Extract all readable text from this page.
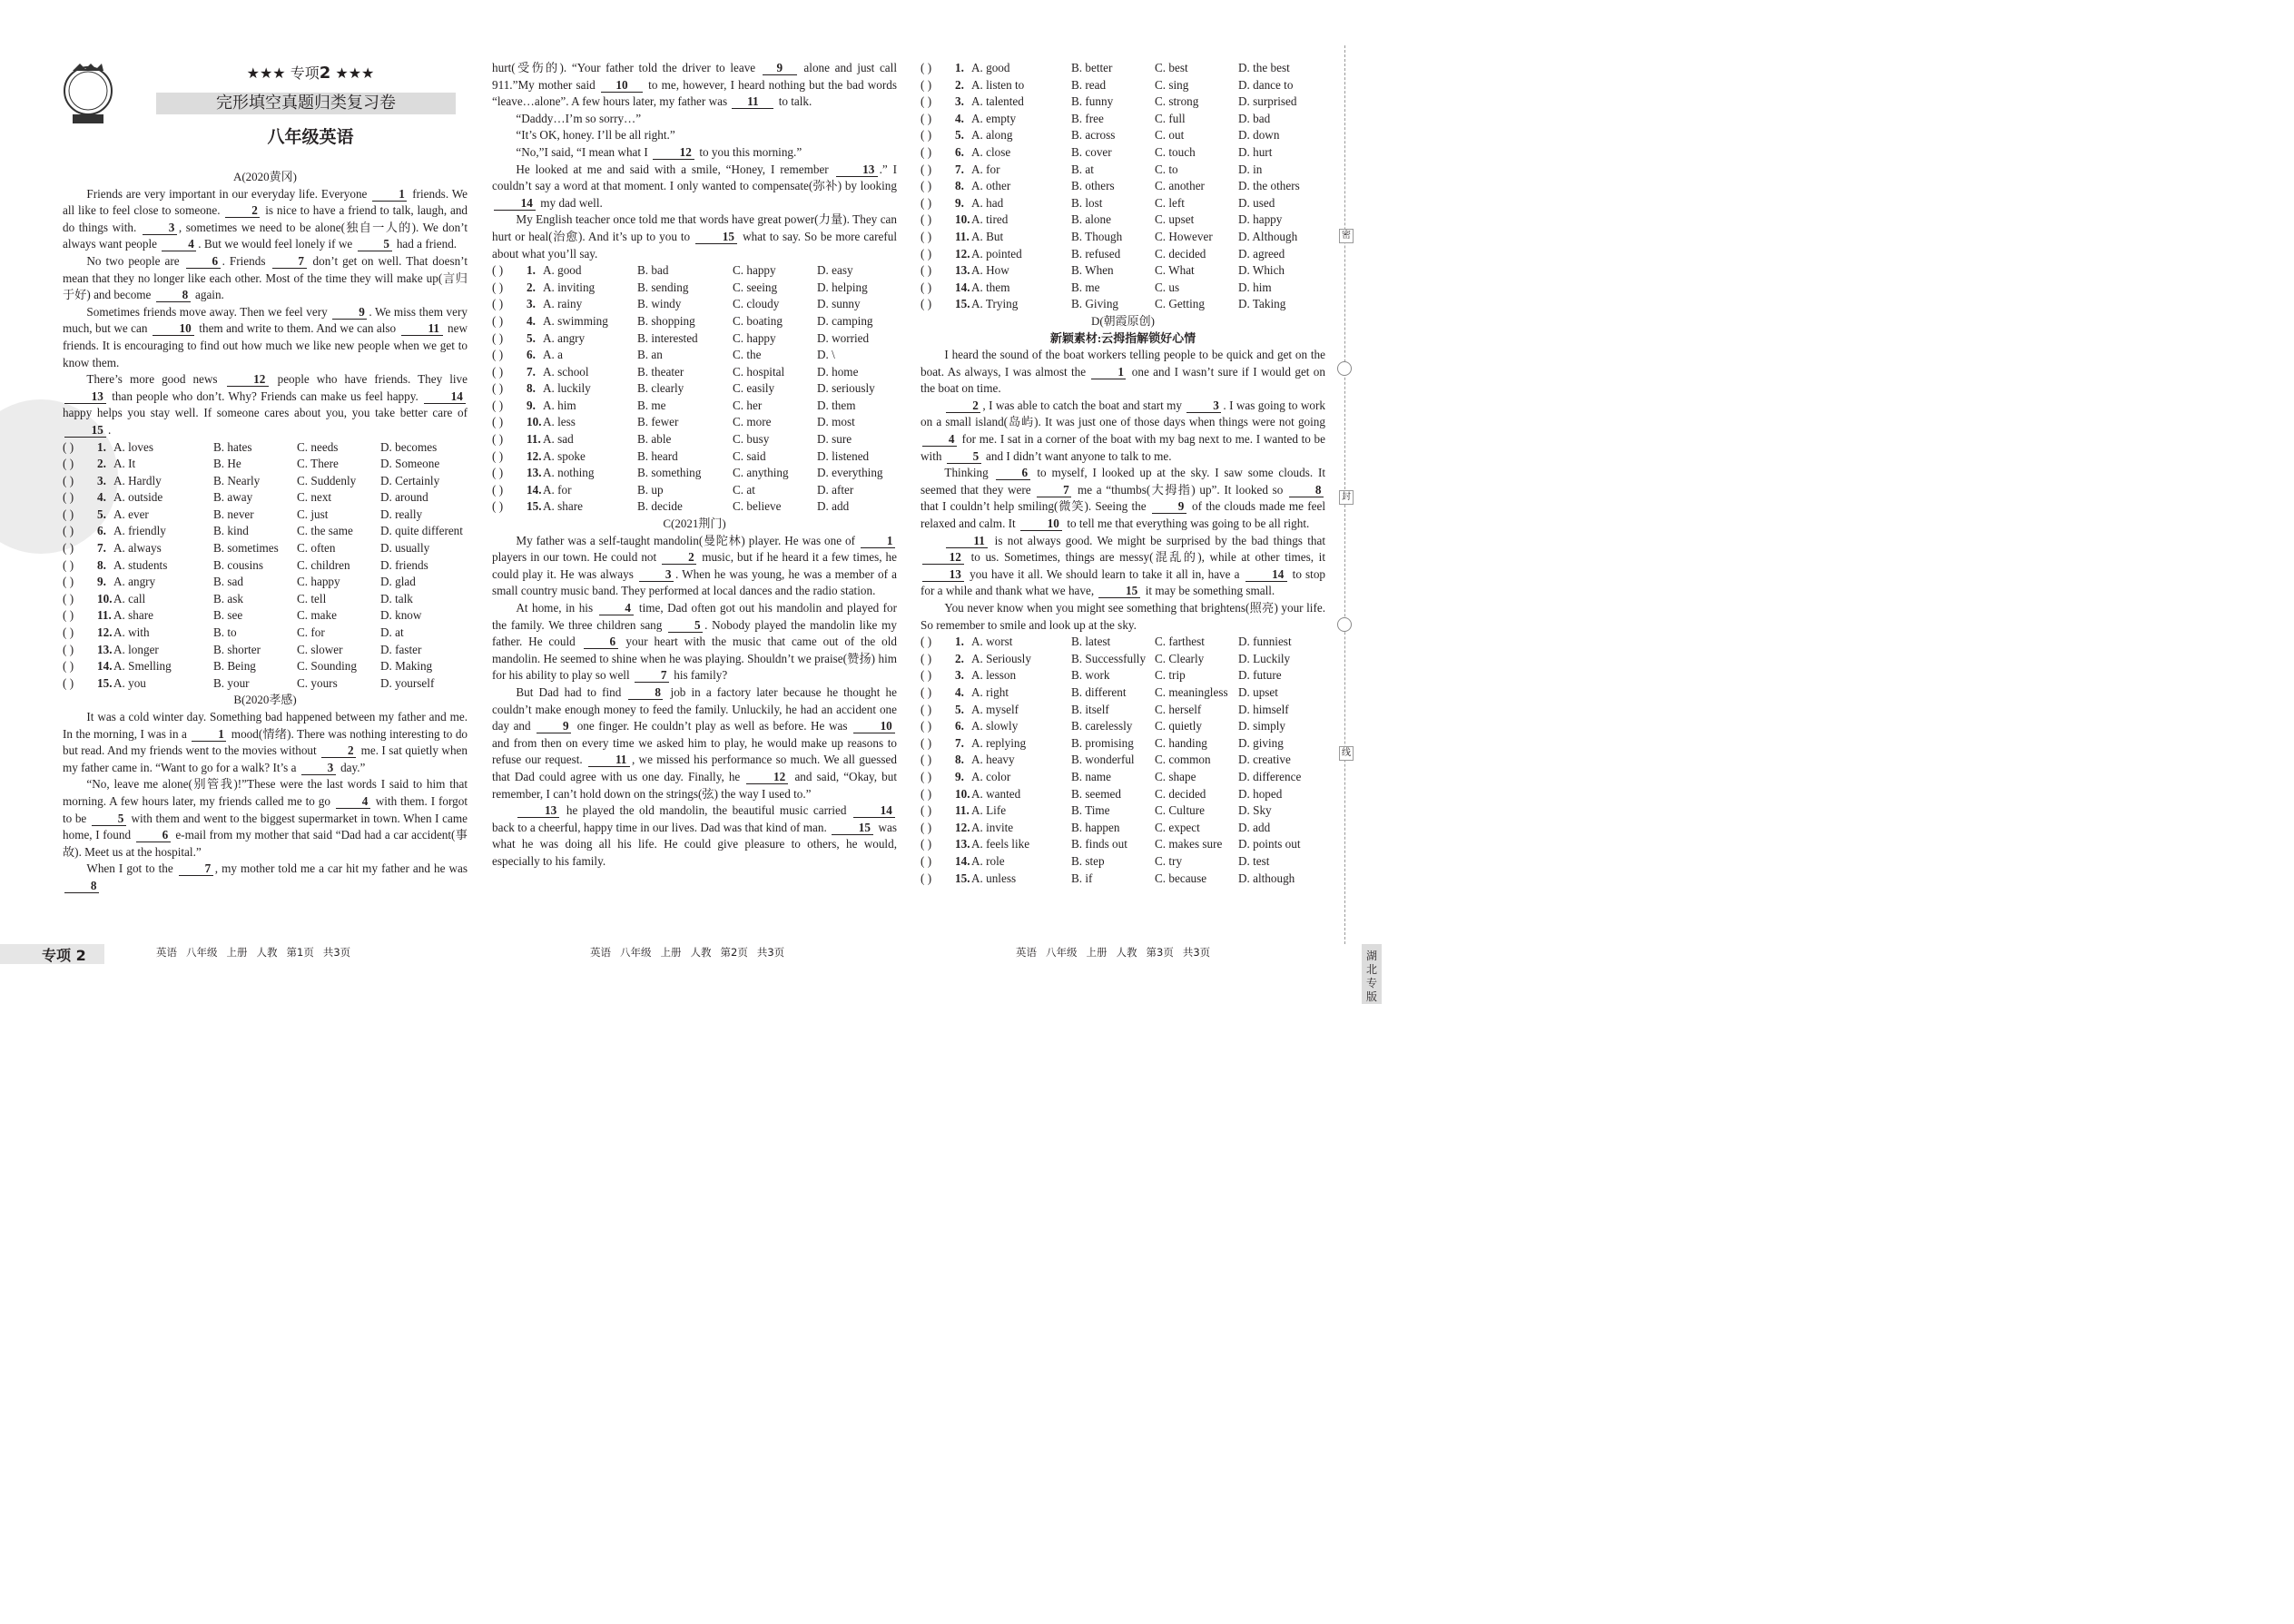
★★★ 专项2 ★★★
完形填空真题归类复习卷
八年级英语

A(2020黄冈)

Friends are very important in our everyday life. Everyone 1 friends. We all like to feel close to someone. 2 is nice to have a friend to talk, laugh, and do things with. 3 , sometimes we need to be alone(独自一人的). We don’t always want people 4 . But we would feel lonely if we 5 had a friend.

No two people are 6 . Friends 7 don’t get on well. That doesn’t mean that they no longer like each other. Most of the time they will make up(言归于好) and become 8 again.

Sometimes friends move away. Then we feel very 9 . We miss them very much, but we can 10 them and write to them. And we can also 11 new friends. It is encouraging to find out how much we like new people when we get to know them.

There’s more good news 12 people who have friends. They live 13 than people who don’t. Why? Friends can make us feel happy. 14 happy helps you stay well. If someone cares about you, you take better care of 15 .

( )	1. A. loves	B. hates	C. needs	D. becomes
( )	2. A. It	B. He	C. There	D. Someone
( )	3. A. Hardly	B. Nearly	C. Suddenly	D. Certainly
( )	4. A. outside	B. away	C. next	D. around
( )	5. A. ever	B. never	C. just	D. really
( )	6. A. friendly	B. kind	C. the same	D. quite different
( )	7. A. always	B. sometimes	C. often	D. usually
( )	8. A. students	B. cousins	C. children	D. friends
( )	9. A. angry	B. sad	C. happy	D. glad
( )	10. A. call	B. ask	C. tell	D. talk
( )	11. A. share	B. see	C. make	D. know
( )	12. A. with	B. to	C. for	D. at
( )	13. A. longer	B. shorter	C. slower	D. faster
( )	14. A. Smelling	B. Being	C. Sounding	D. Making
( )	15. A. you	B. your	C. yours	D. yourself

B(2020孝感)

It was a cold winter day. Something bad happened between my father and me. In the morning, I was in a 1 mood(情绪). There was nothing interesting to do but read. And my friends went to the movies without 2 me. I sat quietly when my father came in. “Want to go for a walk? It’s a 3 day.”

“No, leave me alone(别管我)!”These were the last words I said to him that morning. A few hours later, my friends called me to go 4 with them. I forgot to be 5 with them and went to the biggest supermarket in town. When I came home, I found 6 e-mail from my mother that said “Dad had a car accident(事故). Meet us at the hospital.”

When I got to the 7 , my mother told me a car hit my father and he was 8

hurt(受伤的). “Your father told the driver to leave 9 alone and just call 911.”My mother said 10 to me, however, I heard nothing but the bad words “leave…alone”. A few hours later, my father was 11 to talk.

“Daddy…I’m so sorry…”

“It’s OK, honey. I’ll be all right.”

“No,”I said, “I mean what I 12 to you this morning.”

He looked at me and said with a smile, “Honey, I remember 13 .” I couldn’t say a word at that moment. I only wanted to compensate(弥补) by looking 14 my dad well.

My English teacher once told me that words have great power(力量). They can hurt or heal(治愈). And it’s up to you to 15 what to say. So be more careful about what you’ll say.

( )	1. A. good	B. bad	C. happy	D. easy
( )	2. A. inviting	B. sending	C. seeing	D. helping
( )	3. A. rainy	B. windy	C. cloudy	D. sunny
( )	4. A. swimming	B. shopping	C. boating	D. camping
( )	5. A. angry	B. interested	C. happy	D. worried
( )	6. A. a	B. an	C. the	D. \
( )	7. A. school	B. theater	C. hospital	D. home
( )	8. A. luckily	B. clearly	C. easily	D. seriously
( )	9. A. him	B. me	C. her	D. them
( )	10. A. less	B. fewer	C. more	D. most
( )	11. A. sad	B. able	C. busy	D. sure
( )	12. A. spoke	B. heard	C. said	D. listened
( )	13. A. nothing	B. something	C. anything	D. everything
( )	14. A. for	B. up	C. at	D. after
( )	15. A. share	B. decide	C. believe	D. add

C(2021荆门)

My father was a self-taught mandolin(曼陀林) player. He was one of 1 players in our town. He could not 2 music, but if he heard it a few times, he could play it. He was always 3 . When he was young, he was a member of a small country music band. They performed at local dances and the radio station.

At home, in his 4 time, Dad often got out his mandolin and played for the family. We three children sang 5 . Nobody played the mandolin like my father. He could 6 your heart with the music that came out of the old mandolin. He seemed to shine when he was playing. Shouldn’t we praise(赞扬) him for his ability to play so well 7 his family?

But Dad had to find 8 job in a factory later because he thought he couldn’t make enough money to feed the family. Unluckily, he had an accident one day and 9 one finger. He couldn’t play as well as before. He was 10 and from then on every time we asked him to play, he would make up reasons to refuse our request. 11 , we missed his performance so much. We all guessed that Dad could agree with us one day. Finally, he 12 and said, “Okay, but remember, I can’t hold down on the strings(弦) the way I used to.”

13 he played the old mandolin, the beautiful music carried 14 back to a cheerful, happy time in our lives. Dad was that kind of man. 15 was what he was doing all his life. He could give pleasure to others, he would, especially to his family.

( )	1. A. good	B. better	C. best	D. the best
( )	2. A. listen to	B. read	C. sing	D. dance to
( )	3. A. talented	B. funny	C. strong	D. surprised
( )	4. A. empty	B. free	C. full	D. bad
( )	5. A. along	B. across	C. out	D. down
( )	6. A. close	B. cover	C. touch	D. hurt
( )	7. A. for	B. at	C. to	D. in
( )	8. A. other	B. others	C. another	D. the others
( )	9. A. had	B. lost	C. left	D. used
( )	10. A. tired	B. alone	C. upset	D. happy
( )	11. A. But	B. Though	C. However	D. Although
( )	12. A. pointed	B. refused	C. decided	D. agreed
( )	13. A. How	B. When	C. What	D. Which
( )	14. A. them	B. me	C. us	D. him
( )	15. A. Trying	B. Giving	C. Getting	D. Taking

D(朝霞原创)

新颖素材:云拇指解锁好心情

I heard the sound of the boat workers telling people to be quick and get on the boat. As always, I was almost the 1 one and I wasn’t sure if I would get on the boat on time.

2 , I was able to catch the boat and start my 3 . I was going to work on a small island(岛屿). It was just one of those days when things were not going 4 for me. I sat in a corner of the boat with my bag next to me. I wanted to be with 5 and I didn’t want anyone to talk to me.

Thinking 6 to myself, I looked up at the sky. I saw some clouds. It seemed that they were 7 me a “thumbs(大拇指) up”. It looked so 8 that I couldn’t help smiling(微笑). Seeing the 9 of the clouds made me feel relaxed and calm. It 10 to tell me that everything was going to be all right.

11 is not always good. We might be surprised by the bad things that 12 to us. Sometimes, things are messy(混乱的), while at other times, it 13 you have it all. We should learn to take it all in, have a 14 to stop for a while and thank what we have, 15 it may be something small.

You never know when you might see something that brightens(照亮) your life. So remember to smile and look up at the sky.

( )	1. A. worst	B. latest	C. farthest	D. funniest
( )	2. A. Seriously	B. Successfully C. Clearly	D. Luckily
( )	3. A. lesson	B. work	C. trip	D. future
( )	4. A. right	B. different	C. meaningless D. upset
( )	5. A. myself	B. itself	C. herself	D. himself
( )	6. A. slowly	B. carelessly	C. quietly	D. simply
( )	7. A. replying	B. promising	C. handing	D. giving
( )	8. A. heavy	B. wonderful	C. common	D. creative
( )	9. A. color	B. name	C. shape	D. difference
( )	10. A. wanted	B. seemed	C. decided	D. hoped
( )	11. A. Life	B. Time	C. Culture	D. Sky
( )	12. A. invite	B. happen	C. expect	D. add
( )	13. A. feels like	B. finds out	C. makes sure	D. points out
( )	14. A. role	B. step	C. try	D. test
( )	15. A. unless	B. if	C. because	D. although
密
封
线
湖
北
专
版
专项 2	英语 八年级 上册 人教 第1页 共3页	英语 八年级 上册 人教 第2页 共3页	英语 八年级 上册 人教 第3页 共3页
